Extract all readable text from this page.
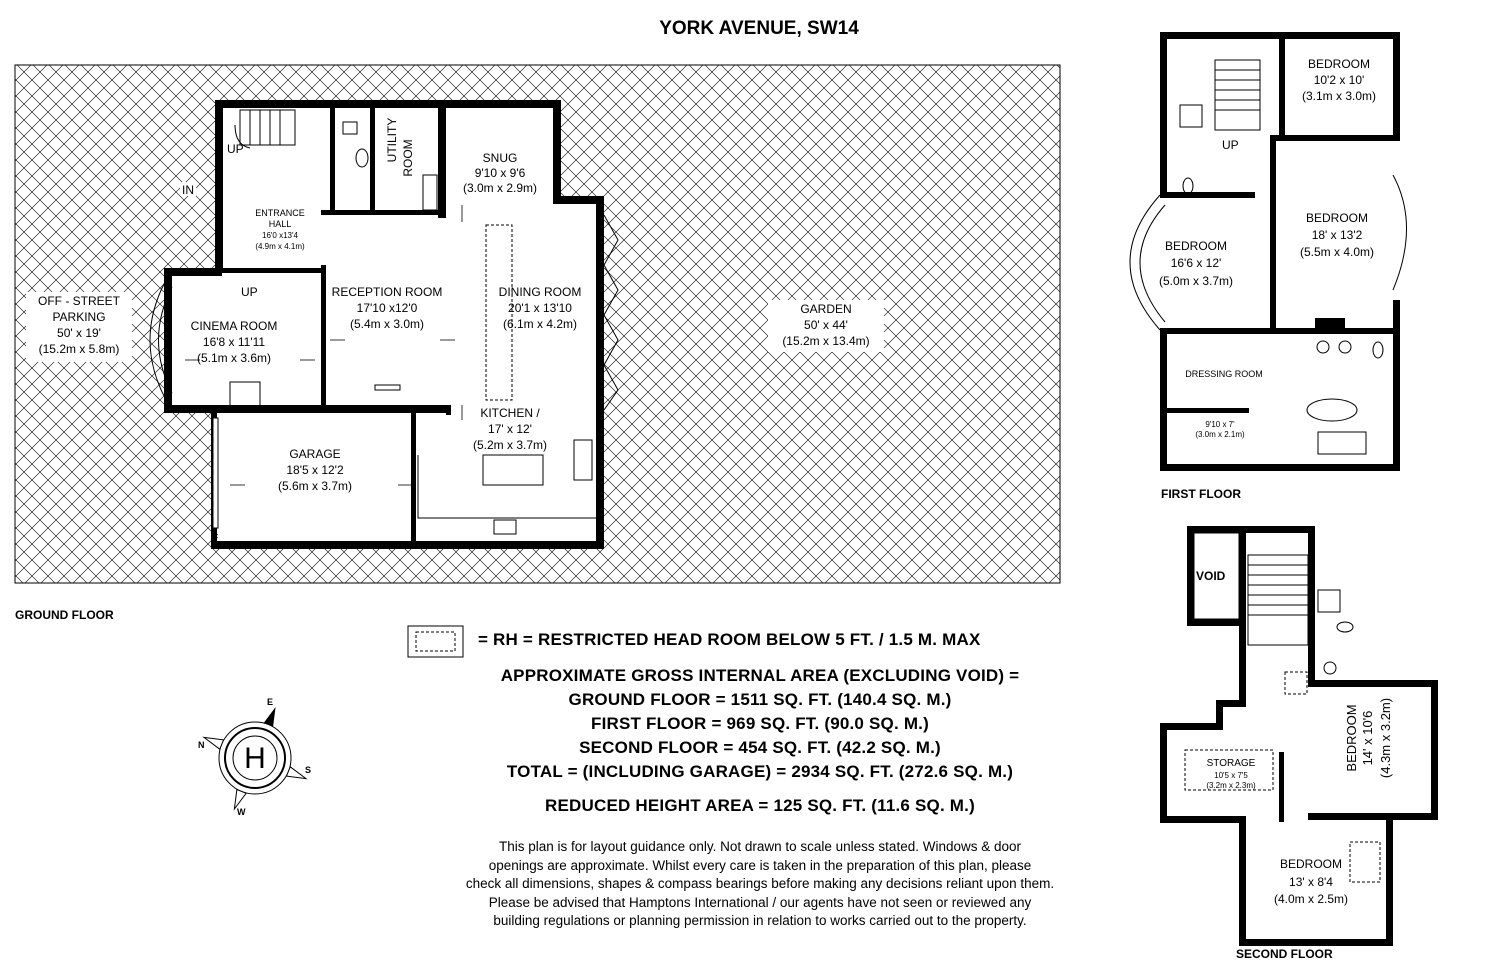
YORK AVENUE, SW14
ENTRANCE
HALL
16'0 x13'4
(4.9m x 4.1m)
UTILITY ROOM	SNUG
9'10 x 9'6
(3.0m x 2.9m)
RECEPTION ROOM
17'10 x12'0
(5.4m x 3.0m)
DINING ROOM
20'1 x 13'10
(6.1m x 4.2m)
CINEMA ROOM
16'8 x 11'11
(5.1m x 3.6m)
KITCHEN /
17' x 12'
(5.2m x 3.7m)
GARAGE
18'5 x 12'2
(5.6m x 3.7m)
GARDEN
50' x 44'
(15.2m x 13.4m)
OFF - STREET
PARKING
50' x 19'
(15.2m x 5.8m)
UP
UP
IN
GROUND FLOOR
BEDROOM
10'2 x 10'
(3.1m x 3.0m)
BEDROOM
16'6 x 12'
(5.0m x 3.7m)
BEDROOM
18' x 13'2
(5.5m x 4.0m)
DRESSING ROOM
9'10 x 7'
(3.0m x 2.1m)
UP
FIRST FLOOR
VOID
STORAGE
10'5 x 7'5
(3.2m x 2.3m)
BEDROOM 14' x 10'6 (4.3m x 3.2m)
BEDROOM
13' x 8'4
(4.0m x 2.5m)
SECOND FLOOR
H
E
N
S
W
= RH = RESTRICTED HEAD ROOM BELOW 5 FT. / 1.5 M. MAX
APPROXIMATE GROSS INTERNAL AREA (EXCLUDING VOID) =
GROUND FLOOR = 1511 SQ. FT. (140.4 SQ. M.)
FIRST FLOOR = 969 SQ. FT. (90.0 SQ. M.)
SECOND FLOOR = 454 SQ. FT. (42.2 SQ. M.)
TOTAL = (INCLUDING GARAGE) = 2934 SQ. FT. (272.6 SQ. M.)
REDUCED HEIGHT AREA = 125 SQ. FT. (11.6 SQ. M.)
This plan is for layout guidance only. Not drawn to scale unless stated. Windows & door
openings are approximate. Whilst every care is taken in the preparation of this plan, please
check all dimensions, shapes & compass bearings before making any decisions reliant upon them.
Please be advised that Hamptons International / our agents have not seen or reviewed any
building regulations or planning permission in relation to works carried out to the property.
